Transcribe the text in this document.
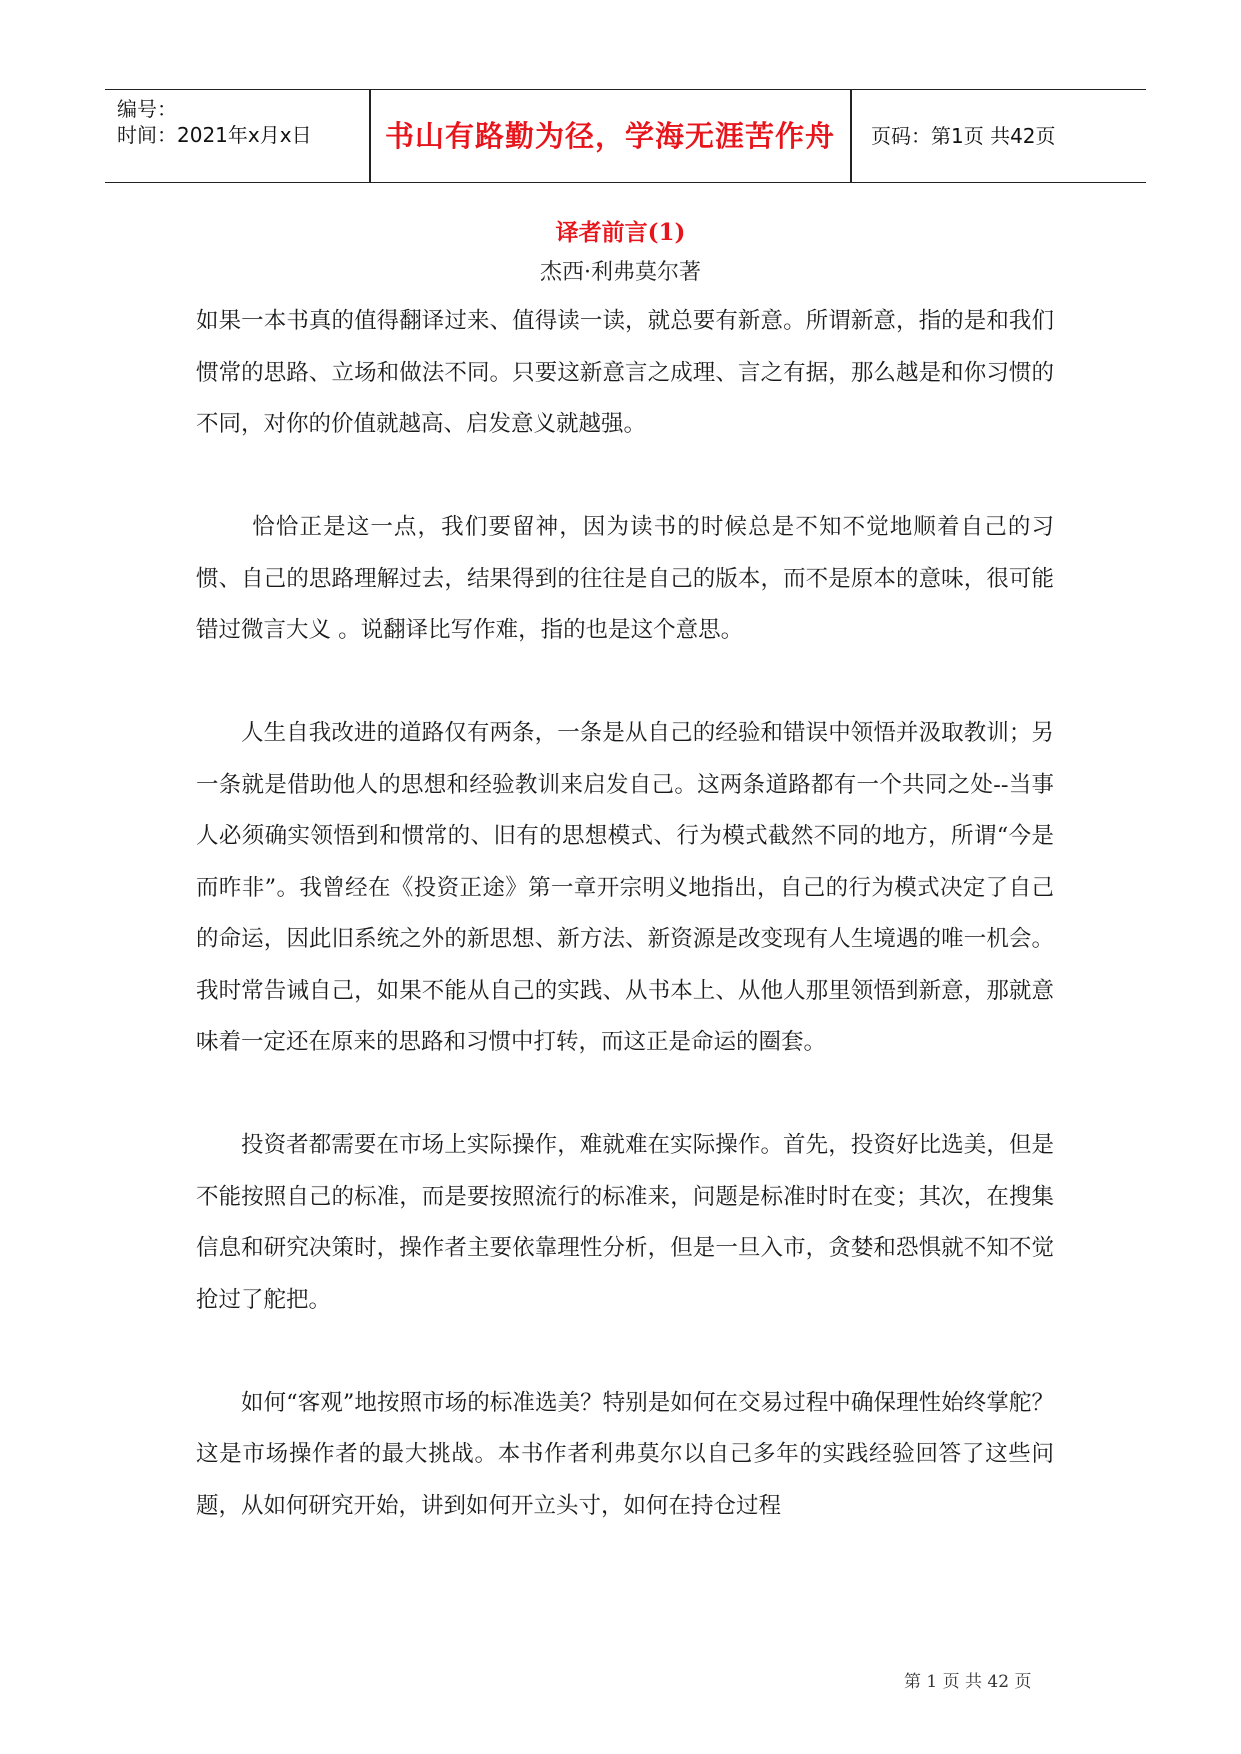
编号：
时间：2021年x月x日	书山有路勤为径，学海无涯苦作舟	页码：第1页 共42页
译者前言(1)
杰西·利弗莫尔著

如果一本书真的值得翻译过来、值得读一读，就总要有新意。所谓新意，指的是和我们惯常的思路、立场和做法不同。只要这新意言之成理、言之有据，那么越是和你习惯的不同，对你的价值就越高、启发意义就越强。

恰恰正是这一点，我们要留神，因为读书的时候总是不知不觉地顺着自己的习惯、自己的思路理解过去，结果得到的往往是自己的版本，而不是原本的意味，很可能错过微言大义 。说翻译比写作难，指的也是这个意思。

人生自我改进的道路仅有两条，一条是从自己的经验和错误中领悟并汲取教训；另一条就是借助他人的思想和经验教训来启发自己。这两条道路都有一个共同之处--当事人必须确实领悟到和惯常的、旧有的思想模式、行为模式截然不同的地方，所谓“今是而昨非”。我曾经在《投资正途》第一章开宗明义地指出，自己的行为模式决定了自己的命运，因此旧系统之外的新思想、新方法、新资源是改变现有人生境遇的唯一机会。我时常告诫自己，如果不能从自己的实践、从书本上、从他人那里领悟到新意，那就意味着一定还在原来的思路和习惯中打转，而这正是命运的圈套。

投资者都需要在市场上实际操作，难就难在实际操作。首先，投资好比选美，但是不能按照自己的标准，而是要按照流行的标准来，问题是标准时时在变；其次，在搜集信息和研究决策时，操作者主要依靠理性分析，但是一旦入市，贪婪和恐惧就不知不觉抢过了舵把。

如何“客观”地按照市场的标准选美？特别是如何在交易过程中确保理性始终掌舵？这是市场操作者的最大挑战。本书作者利弗莫尔以自己多年的实践经验回答了这些问题，从如何研究开始，讲到如何开立头寸，如何在持仓过程

第 1 页 共 42 页
